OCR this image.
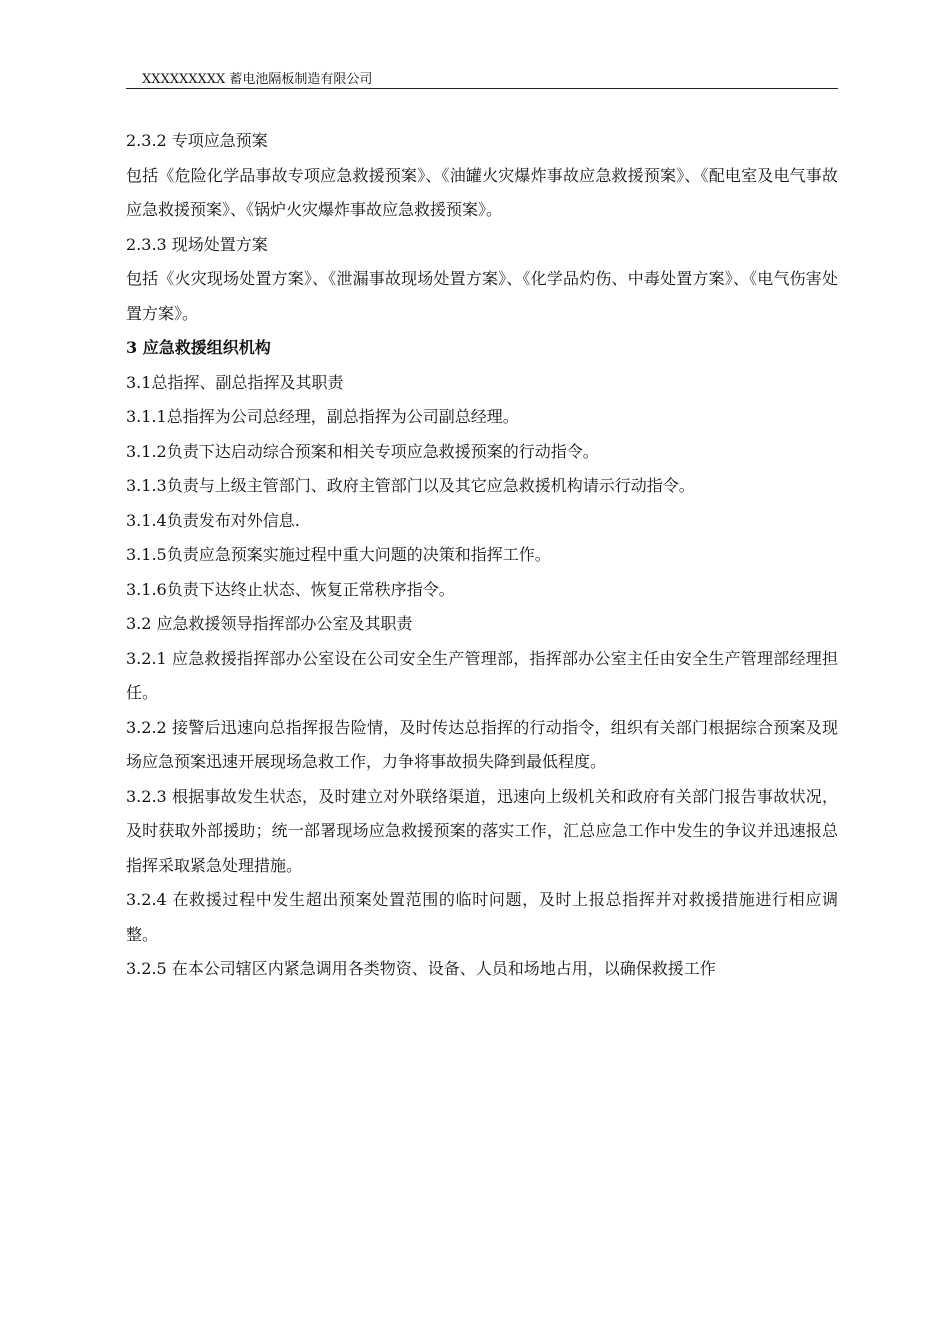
XXXXXXXXX 蓄电池隔板制造有限公司

2.3.2 专项应急预案

包括《危险化学品事故专项应急救援预案》、《油罐火灾爆炸事故应急救援预案》、《配电室及电气事故应急救援预案》、《锅炉火灾爆炸事故应急救援预案》。

2.3.3 现场处置方案

包括《火灾现场处置方案》、《泄漏事故现场处置方案》、《化学品灼伤、中毒处置方案》、《电气伤害处置方案》。

3 应急救援组织机构

3.1总指挥、副总指挥及其职责

3.1.1总指挥为公司总经理，副总指挥为公司副总经理。

3.1.2负责下达启动综合预案和相关专项应急救援预案的行动指令。

3.1.3负责与上级主管部门、政府主管部门以及其它应急救援机构请示行动指令。

3.1.4负责发布对外信息.

3.1.5负责应急预案实施过程中重大问题的决策和指挥工作。

3.1.6负责下达终止状态、恢复正常秩序指令。

3.2 应急救援领导指挥部办公室及其职责

3.2.1 应急救援指挥部办公室设在公司安全生产管理部，指挥部办公室主任由安全生产管理部经理担任。

3.2.2 接警后迅速向总指挥报告险情，及时传达总指挥的行动指令，组织有关部门根据综合预案及现场应急预案迅速开展现场急救工作，力争将事故损失降到最低程度。

3.2.3 根据事故发生状态，及时建立对外联络渠道，迅速向上级机关和政府有关部门报告事故状况，及时获取外部援助；统一部署现场应急救援预案的落实工作，汇总应急工作中发生的争议并迅速报总指挥采取紧急处理措施。

3.2.4 在救援过程中发生超出预案处置范围的临时问题，及时上报总指挥并对救援措施进行相应调整。

3.2.5 在本公司辖区内紧急调用各类物资、设备、人员和场地占用，以确保救援工作
